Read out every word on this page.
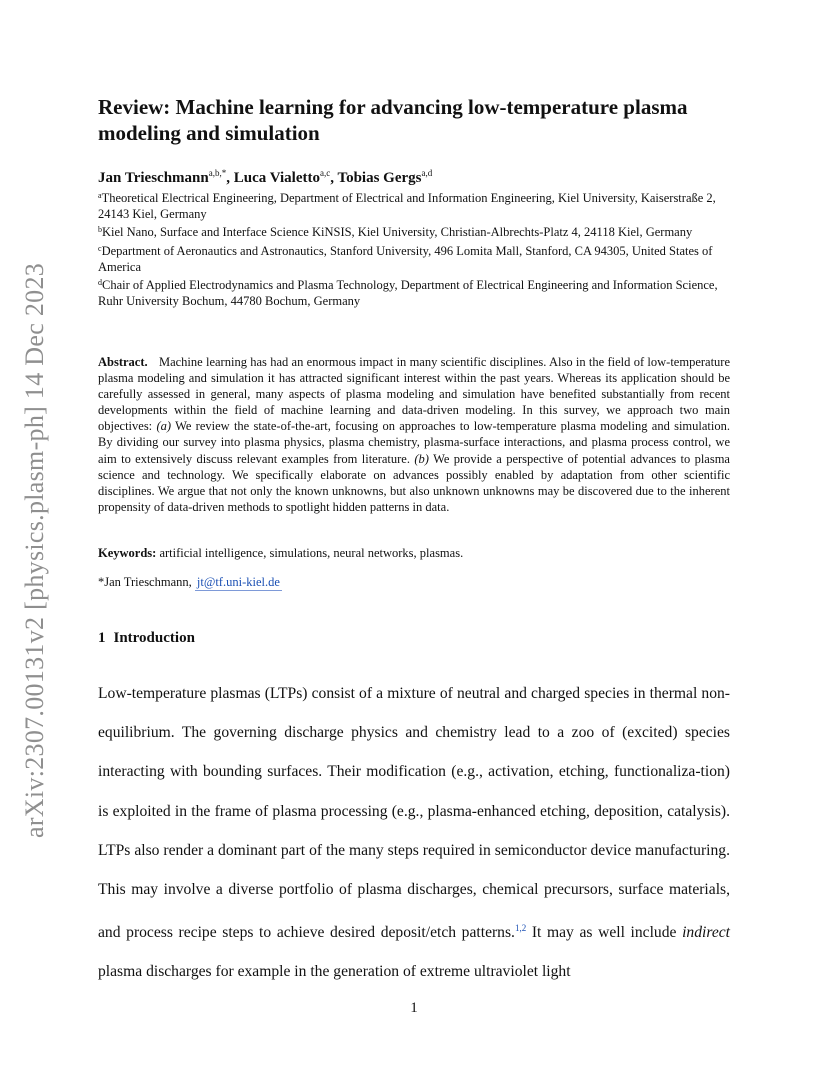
arXiv:2307.00131v2 [physics.plasm-ph] 14 Dec 2023
Review: Machine learning for advancing low-temperature plasma modeling and simulation
Jan Trieschmann$^{a,b,*}$, Luca Vialetto$^{a,c}$, Tobias Gergs$^{a,d}$

$^a$Theoretical Electrical Engineering, Department of Electrical and Information Engineering, Kiel University, Kaiserstraße 2, 24143 Kiel, Germany

$^b$Kiel Nano, Surface and Interface Science KiNSIS, Kiel University, Christian-Albrechts-Platz 4, 24118 Kiel, Germany

$^c$Department of Aeronautics and Astronautics, Stanford University, 496 Lomita Mall, Stanford, CA 94305, United States of America

$^d$Chair of Applied Electrodynamics and Plasma Technology, Department of Electrical Engineering and Information Science, Ruhr University Bochum, 44780 Bochum, Germany

Abstract. Machine learning has had an enormous impact in many scientific disciplines. Also in the field of low-temperature plasma modeling and simulation it has attracted significant interest within the past years. Whereas its application should be carefully assessed in general, many aspects of plasma modeling and simulation have benefited substantially from recent developments within the field of machine learning and data-driven modeling. In this survey, we approach two main objectives: (a) We review the state-of-the-art, focusing on approaches to low-temperature plasma modeling and simulation. By dividing our survey into plasma physics, plasma chemistry, plasma-surface interactions, and plasma process control, we aim to extensively discuss relevant examples from literature. (b) We provide a perspective of potential advances to plasma science and technology. We specifically elaborate on advances possibly enabled by adaptation from other scientific disciplines. We argue that not only the known unknowns, but also unknown unknowns may be discovered due to the inherent propensity of data-driven methods to spotlight hidden patterns in data.
Keywords: artificial intelligence, simulations, neural networks, plasmas.
*Jan Trieschmann, jt@tf.uni-kiel.de
1 Introduction
Low-temperature plasmas (LTPs) consist of a mixture of neutral and charged species in thermal non-equilibrium. The governing discharge physics and chemistry lead to a zoo of (excited) species interacting with bounding surfaces. Their modification (e.g., activation, etching, functionaliza-tion) is exploited in the frame of plasma processing (e.g., plasma-enhanced etching, deposition, catalysis). LTPs also render a dominant part of the many steps required in semiconductor device manufacturing. This may involve a diverse portfolio of plasma discharges, chemical precursors, surface materials, and process recipe steps to achieve desired deposit/etch patterns.$^{1,2}$ It may as well include indirect plasma discharges for example in the generation of extreme ultraviolet light
1
